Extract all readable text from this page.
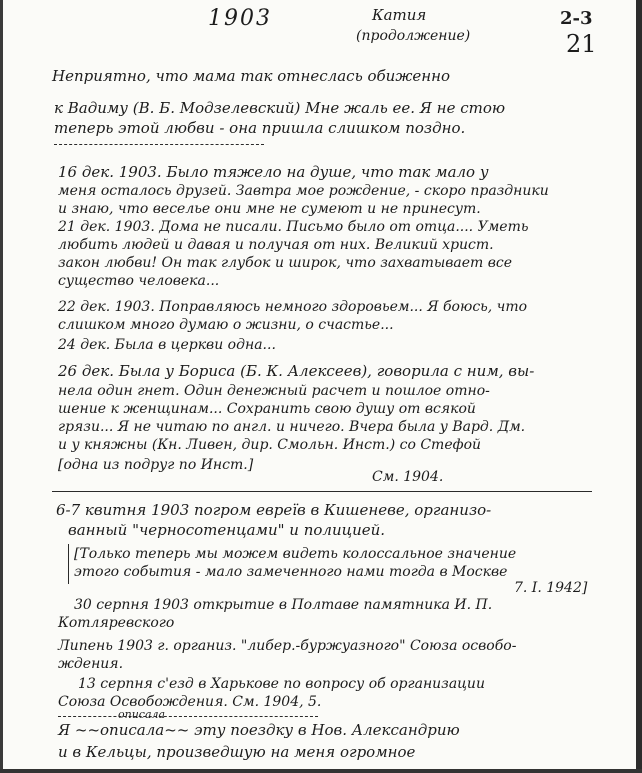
1903	Катия
(продолжение)
2-3
21
Неприятно, что мама так отнеслась обиженно
к Вадиму (В. Б. Модзелевский) Мне жаль ее. Я не стою
теперь этой любви - она пришла слишком поздно.
16 дек. 1903. Было тяжело на душе, что так мало у
меня осталось друзей. Завтра мое рождение, - скоро праздники
и знаю, что веселье они мне не сумеют и не принесут.
21 дек. 1903. Дома не писали. Письмо было от отца.... Уметь
любить людей и давая и получая от них. Великий христ.
закон любви! Он так глубок и широк, что захватывает все
существо человека...
22 дек. 1903. Поправляюсь немного здоровьем... Я боюсь, что
слишком много думаю о жизни, о счастье...
24 дек. Была в церкви одна...
26 дек. Была у Бориса (Б. К. Алексеев), говорила с ним, вы-
нела один гнет. Один денежный расчет и пошлое отно-
шение к женщинам... Сохранить свою душу от всякой
грязи... Я не читаю по англ. и ничего. Вчера была у Вард. Дм.
и у княжны (Кн. Ливен, дир. Смольн. Инст.) со Стефой
[одна из подруг по Инст.]
См. 1904.
6-7 квитня 1903 погром евреїв в Кишеневе, организо-
ванный "черносотенцами" и полицией.
[Только теперь мы можем видеть колоссальное значение
этого события - мало замеченного нами тогда в Москве
7. I. 1942]
30 серпня 1903 открытие в Полтаве памятника И. П.
Котляревского
Липень 1903 г. организ. "либер.-буржуазного" Союза освобо-
ждения.
13 серпня с'езд в Харькове по вопросу об организации
Союза Освобождения. См. 1904, 5.
описала
Я ~~описала~~ эту поездку в Нов. Александрию
и в Кельцы, произведшую на меня огромное
